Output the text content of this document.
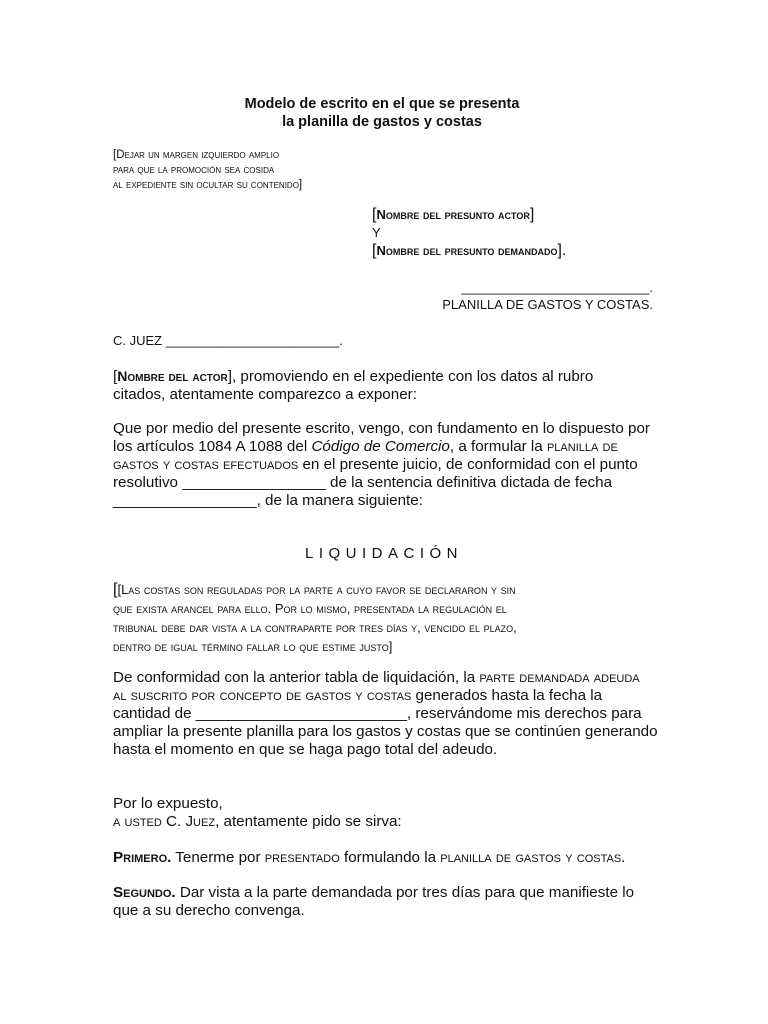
Modelo de escrito en el que se presenta
la planilla de gastos y costas
[Dejar un margen izquierdo amplio
para que la promoción sea cosida
al expediente sin ocultar su contenido]
[Nombre del presunto actor]
Y
[Nombre del presunto demandado].
__________________________.
PLANILLA DE GASTOS Y COSTAS.
C. JUEZ ________________________.
[Nombre del actor], promoviendo en el expediente con los datos al rubro
citados, atentamente comparezco a exponer:
Que por medio del presente escrito, vengo, con fundamento en lo dispuesto por
los artículos 1084 A 1088 del Código de Comercio, a formular la planilla de
gastos y costas efectuados en el presente juicio, de conformidad con el punto
resolutivo _________________ de la sentencia definitiva dictada de fecha
_________________, de la manera siguiente:
LIQUIDACIÓN
[[Las costas son reguladas por la parte a cuyo favor se declararon y sin
que exista arancel para ello. Por lo mismo, presentada la regulación el
tribunal debe dar vista a la contraparte por tres días y, vencido el plazo,
dentro de igual término fallar lo que estime justo]
De conformidad con la anterior tabla de liquidación, la parte demandada adeuda
al suscrito por concepto de gastos y costas generados hasta la fecha la
cantidad de _________________________, reservándome mis derechos para
ampliar la presente planilla para los gastos y costas que se continúen generando
hasta el momento en que se haga pago total del adeudo.
Por lo expuesto,
a usted C. Juez, atentamente pido se sirva:
Primero. Tenerme por presentado formulando la planilla de gastos y costas.
Segundo. Dar vista a la parte demandada por tres días para que manifieste lo
que a su derecho convenga.
